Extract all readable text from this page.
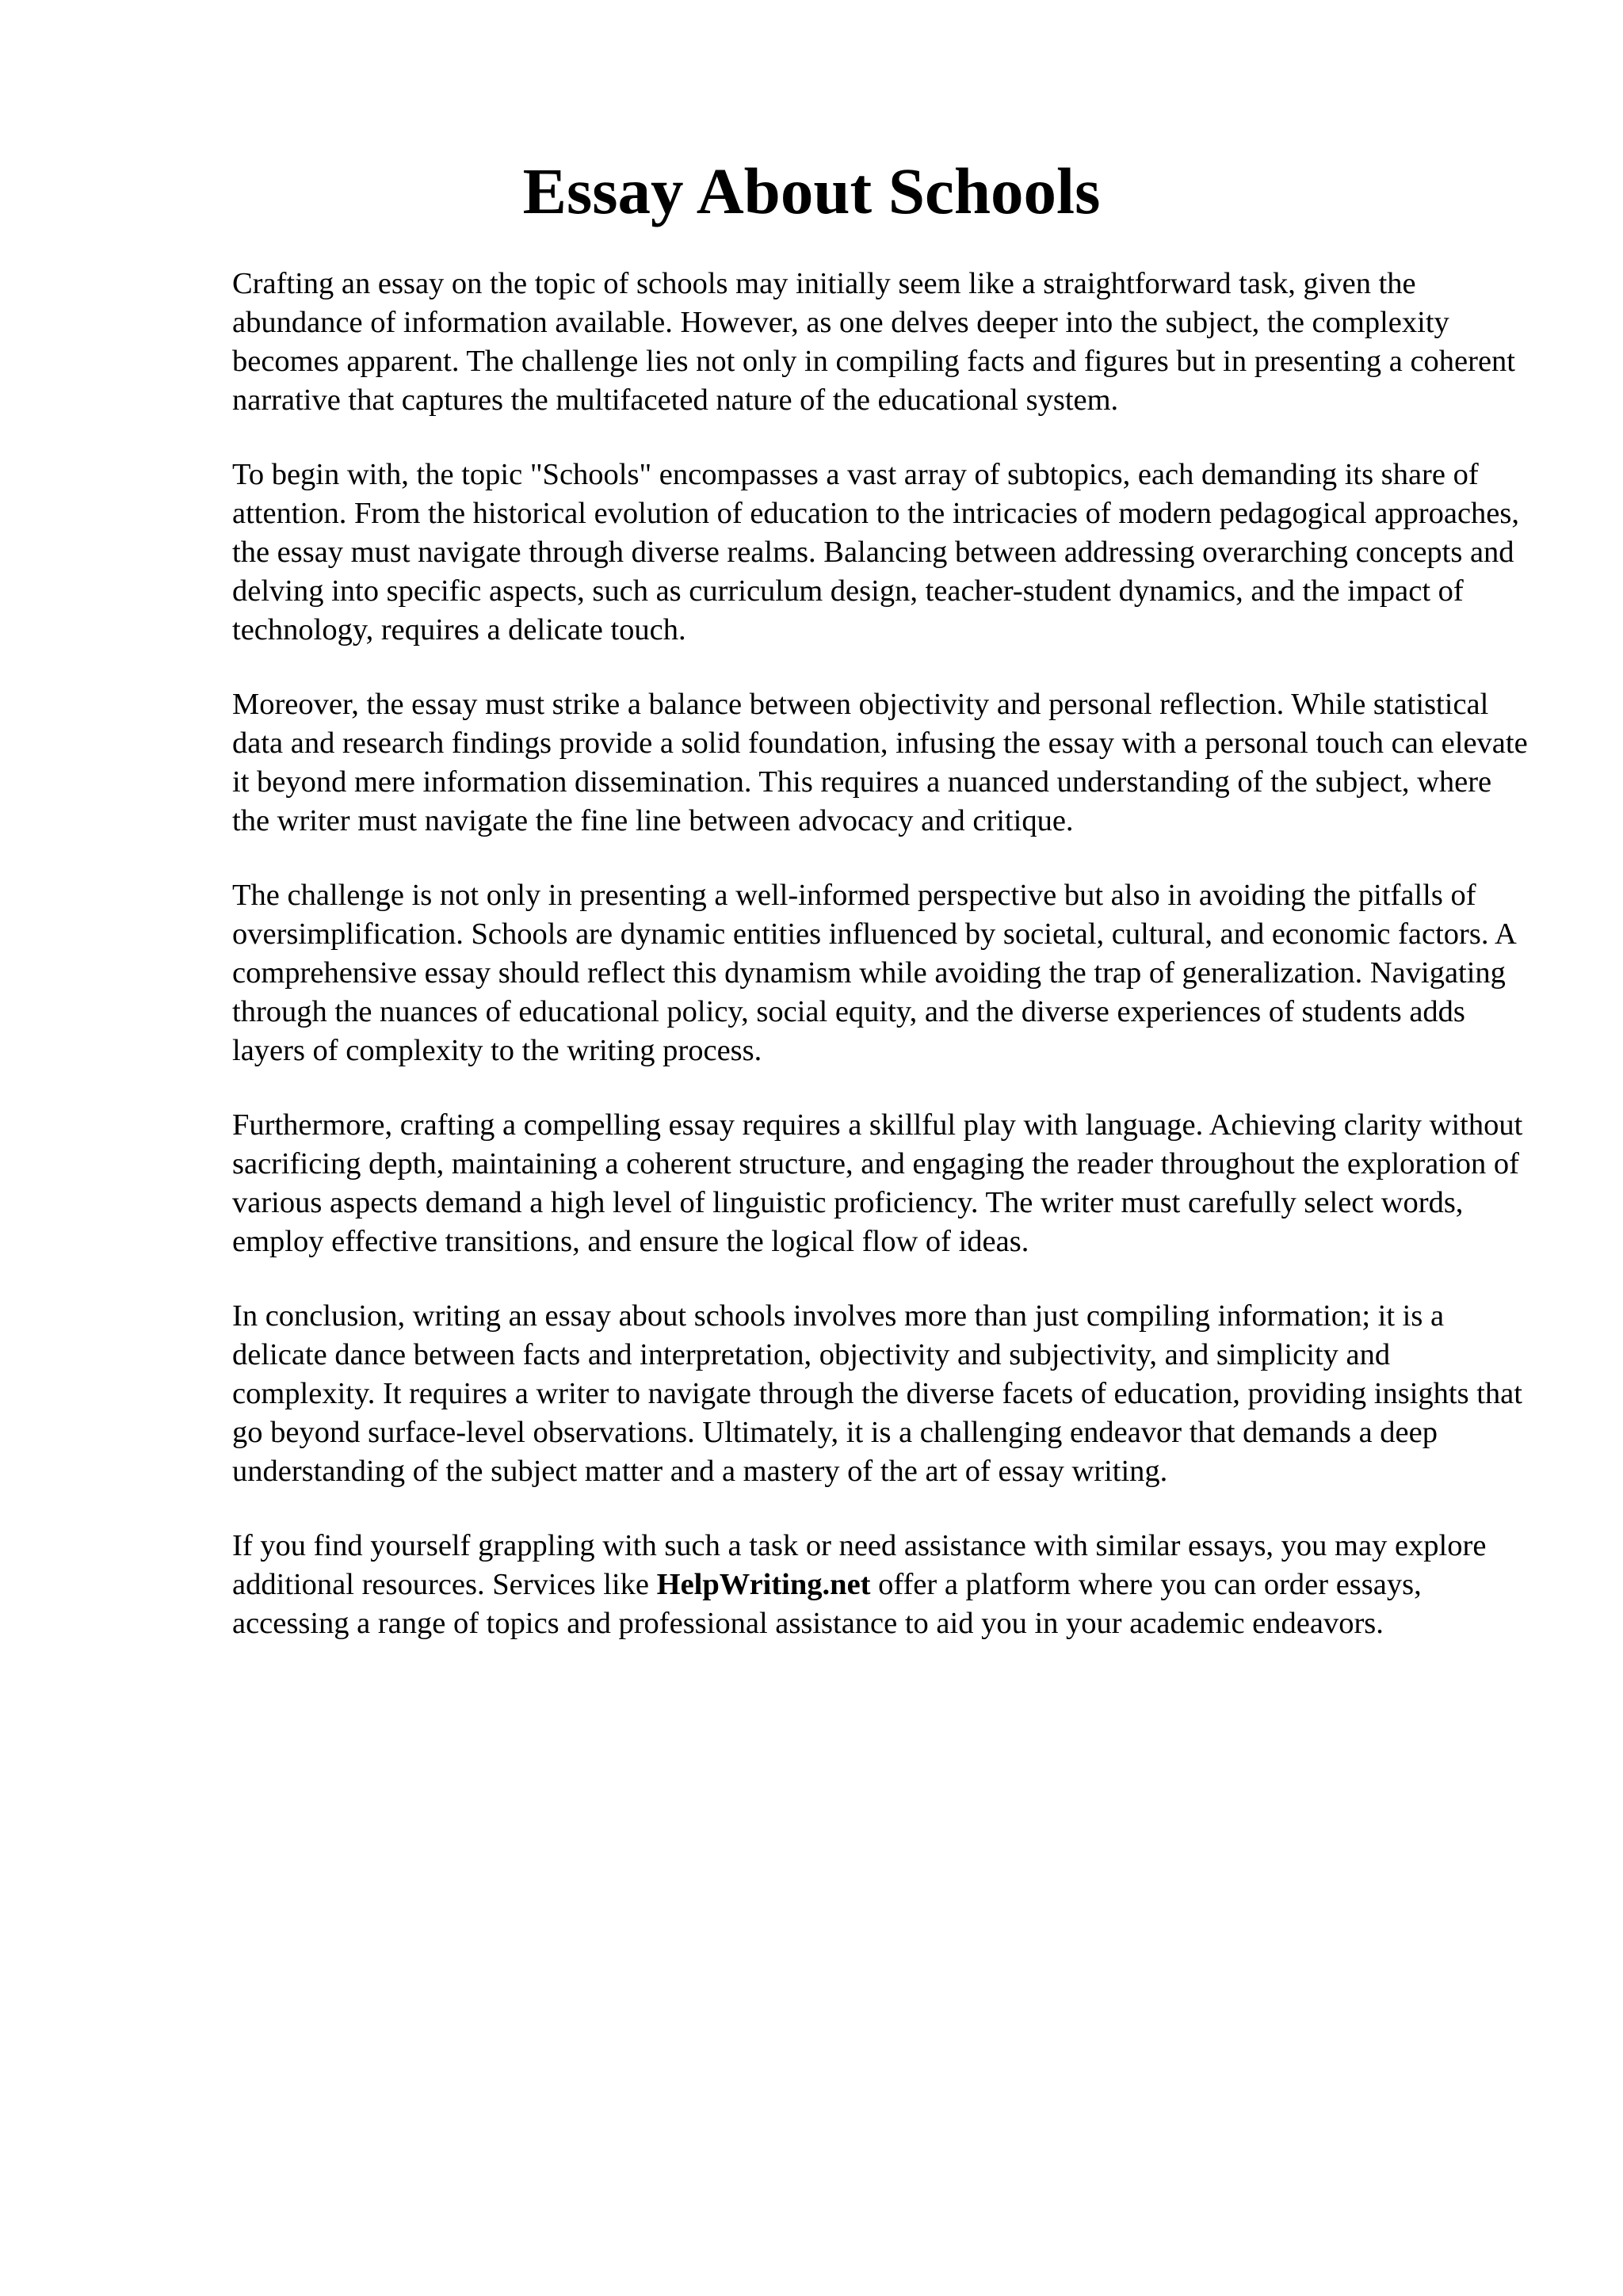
Essay About Schools

Crafting an essay on the topic of schools may initially seem like a straightforward task, given the abundance of information available. However, as one delves deeper into the subject, the complexity becomes apparent. The challenge lies not only in compiling facts and figures but in presenting a coherent narrative that captures the multifaceted nature of the educational system.

To begin with, the topic "Schools" encompasses a vast array of subtopics, each demanding its share of attention. From the historical evolution of education to the intricacies of modern pedagogical approaches, the essay must navigate through diverse realms. Balancing between addressing overarching concepts and delving into specific aspects, such as curriculum design, teacher-student dynamics, and the impact of technology, requires a delicate touch.

Moreover, the essay must strike a balance between objectivity and personal reflection. While statistical data and research findings provide a solid foundation, infusing the essay with a personal touch can elevate it beyond mere information dissemination. This requires a nuanced understanding of the subject, where the writer must navigate the fine line between advocacy and critique.

The challenge is not only in presenting a well-informed perspective but also in avoiding the pitfalls of oversimplification. Schools are dynamic entities influenced by societal, cultural, and economic factors. A comprehensive essay should reflect this dynamism while avoiding the trap of generalization. Navigating through the nuances of educational policy, social equity, and the diverse experiences of students adds layers of complexity to the writing process.

Furthermore, crafting a compelling essay requires a skillful play with language. Achieving clarity without sacrificing depth, maintaining a coherent structure, and engaging the reader throughout the exploration of various aspects demand a high level of linguistic proficiency. The writer must carefully select words, employ effective transitions, and ensure the logical flow of ideas.

In conclusion, writing an essay about schools involves more than just compiling information; it is a delicate dance between facts and interpretation, objectivity and subjectivity, and simplicity and complexity. It requires a writer to navigate through the diverse facets of education, providing insights that go beyond surface-level observations. Ultimately, it is a challenging endeavor that demands a deep understanding of the subject matter and a mastery of the art of essay writing.

If you find yourself grappling with such a task or need assistance with similar essays, you may explore additional resources. Services like HelpWriting.net offer a platform where you can order essays, accessing a range of topics and professional assistance to aid you in your academic endeavors.
